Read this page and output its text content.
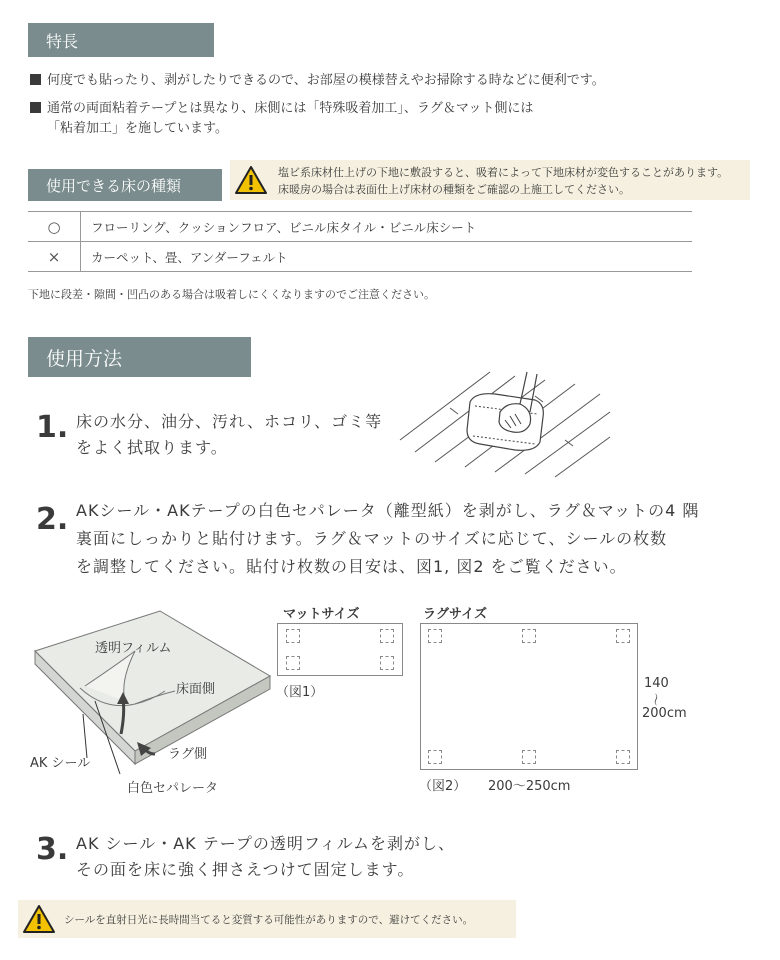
特長
何度でも貼ったり、剥がしたりできるので、お部屋の模様替えやお掃除する時などに便利です。
通常の両面粘着テープとは異なり、床側には「特殊吸着加工」、ラグ＆マット側には
「粘着加工」を施しています。
使用できる床の種類
塩ビ系床材仕上げの下地に敷設すると、吸着によって下地床材が変色することがあります。
床暖房の場合は表面仕上げ床材の種類をご確認の上施工してください。
○	フローリング、クッションフロア、ビニル床タイル・ビニル床シート
×	カーペット、畳、アンダーフェルト
下地に段差・隙間・凹凸のある場合は吸着しにくくなりますのでご注意ください。
使用方法
1. 床の水分、油分、汚れ、ホコリ、ゴミ等
をよく拭取ります。
2. AKシール・AKテープの白色セパレータ（離型紙）を剥がし、ラグ＆マットの4 隅
裏面にしっかりと貼付けます。ラグ＆マットのサイズに応じて、シールの枚数
を調整してください。貼付け枚数の目安は、図1, 図2 をご覧ください。
透明フィルム
床面側
ラグ側
AK シール
白色セパレータ
マットサイズ
（図1）
ラグサイズ
140
～
200cm
（図2） 200～250cm
3. AK シール・AK テープの透明フィルムを剥がし、
その面を床に強く押さえつけて固定します。
シールを直射日光に長時間当てると変質する可能性がありますので、避けてください。
